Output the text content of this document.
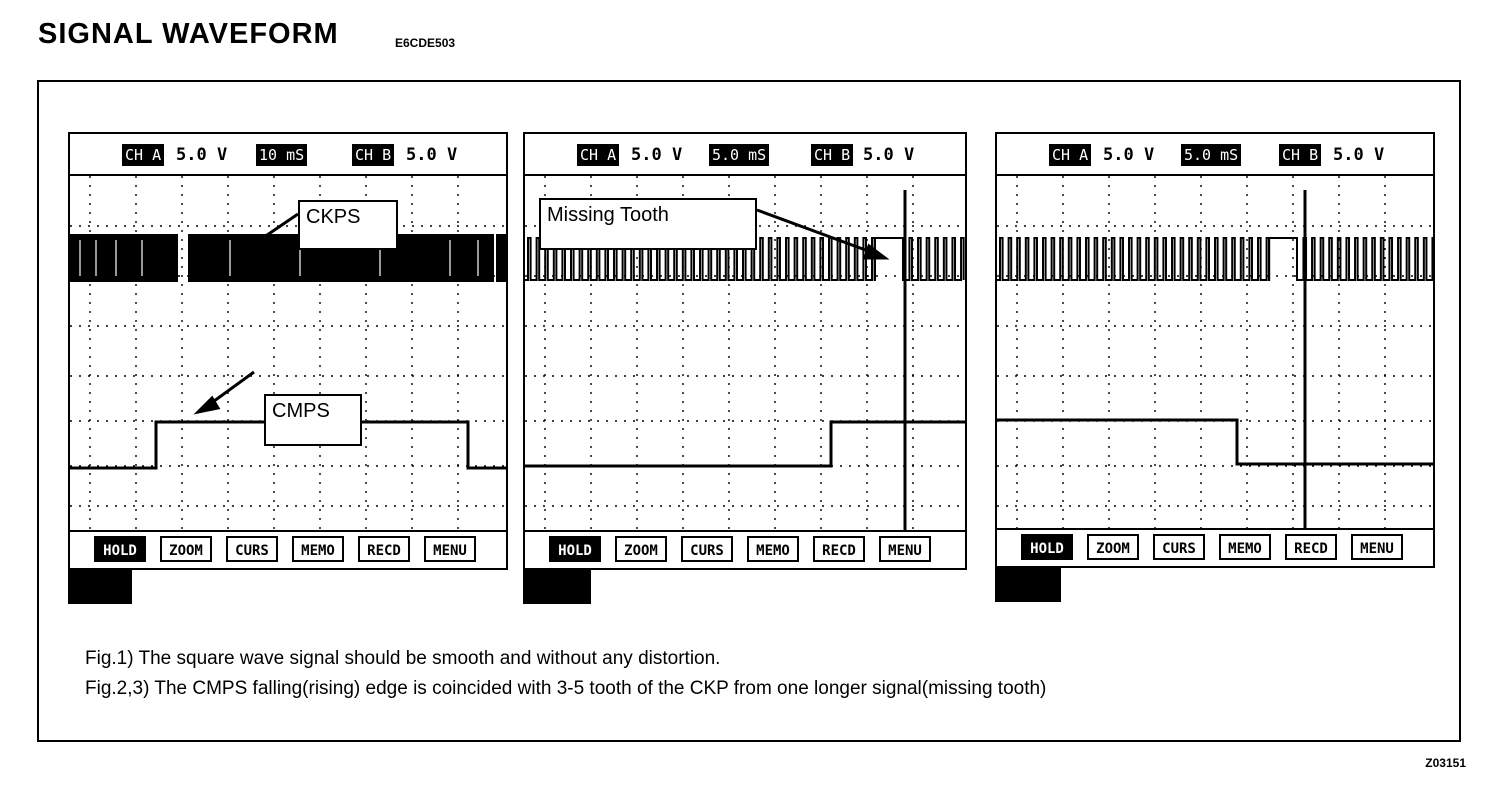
SIGNAL WAVEFORM	E6CDE503
CH A 5.0 V 10 mS	CH B 5.0 V
CKPS
CMPS
HOLD	ZOOM	CURS	MEMO	RECD	MENU
CH A 5.0 V 5.0 mS	CH B 5.0 V
Missing Tooth
HOLD	ZOOM	CURS	MEMO	RECD	MENU
CH A 5.0 V 5.0 mS	CH B 5.0 V
HOLD	ZOOM	CURS	MEMO	RECD	MENU
Fig.1) The square wave signal should be smooth and without any distortion.
Fig.2,3) The CMPS falling(rising) edge is coincided with 3-5 tooth of the CKP from one longer signal(missing tooth)
Z03151
